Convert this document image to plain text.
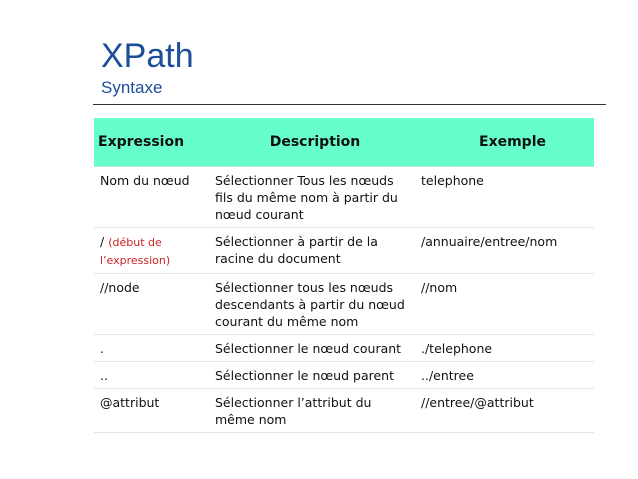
XPath
Syntaxe
Expression	Description	Exemple
Nom du nœud	Sélectionner Tous les nœuds fils du même nom à partir du nœud courant	telephone
/ (début de l’expression)	Sélectionner à partir de la racine du document	/annuaire/entree/nom
//node	Sélectionner tous les nœuds descendants à partir du nœud courant du même nom	//nom
.	Sélectionner le nœud courant	./telephone
..	Sélectionner le nœud parent	../entree
@attribut	Sélectionner l’attribut du même nom	//entree/@attribut
